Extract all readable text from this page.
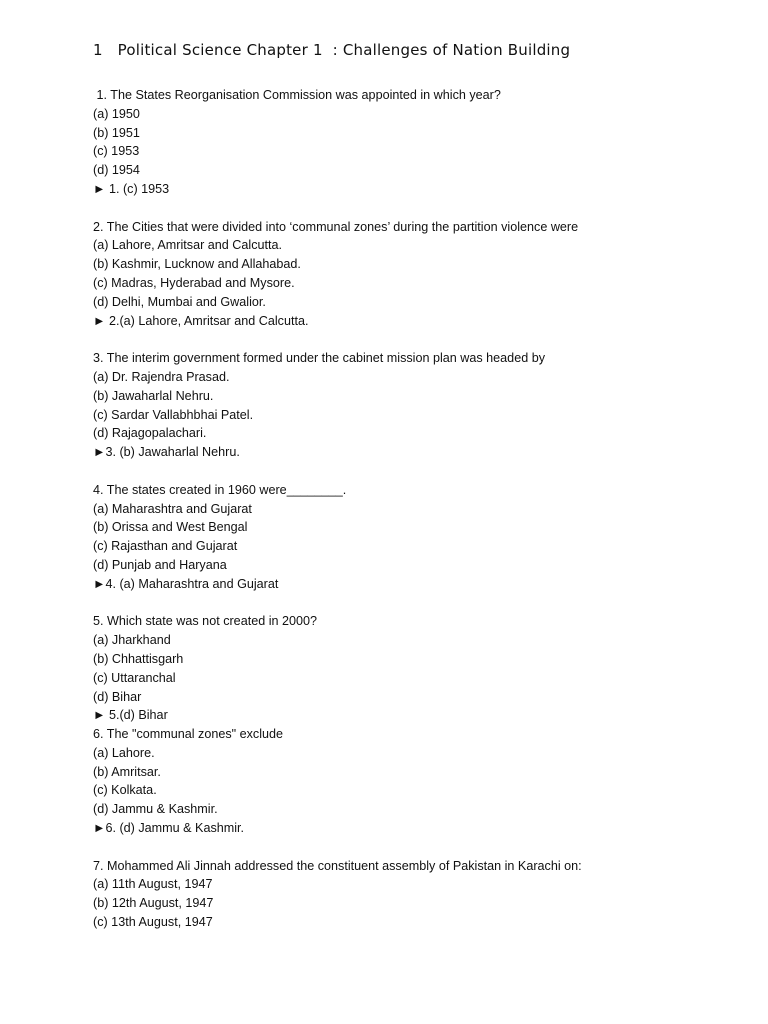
1   Political Science Chapter 1  : Challenges of Nation Building
1. The States Reorganisation Commission was appointed in which year?
(a) 1950
(b) 1951
(c) 1953
(d) 1954
► 1. (c) 1953
2. The Cities that were divided into ‘communal zones’ during the partition violence were
(a) Lahore, Amritsar and Calcutta.
(b) Kashmir, Lucknow and Allahabad.
(c) Madras, Hyderabad and Mysore.
(d) Delhi, Mumbai and Gwalior.
► 2.(a) Lahore, Amritsar and Calcutta.
3. The interim government formed under the cabinet mission plan was headed by
(a) Dr. Rajendra Prasad.
(b) Jawaharlal Nehru.
(c) Sardar Vallabhbhai Patel.
(d) Rajagopalachari.
►3. (b) Jawaharlal Nehru.
4. The states created in 1960 were________.
(a) Maharashtra and Gujarat
(b) Orissa and West Bengal
(c) Rajasthan and Gujarat
(d) Punjab and Haryana
►4. (a) Maharashtra and Gujarat
5. Which state was not created in 2000?
(a) Jharkhand
(b) Chhattisgarh
(c) Uttaranchal
(d) Bihar
► 5.(d) Bihar
6. The "communal zones" exclude
(a) Lahore.
(b) Amritsar.
(c) Kolkata.
(d) Jammu & Kashmir.
►6. (d) Jammu & Kashmir.
7. Mohammed Ali Jinnah addressed the constituent assembly of Pakistan in Karachi on:
(a) 11th August, 1947
(b) 12th August, 1947
(c) 13th August, 1947
